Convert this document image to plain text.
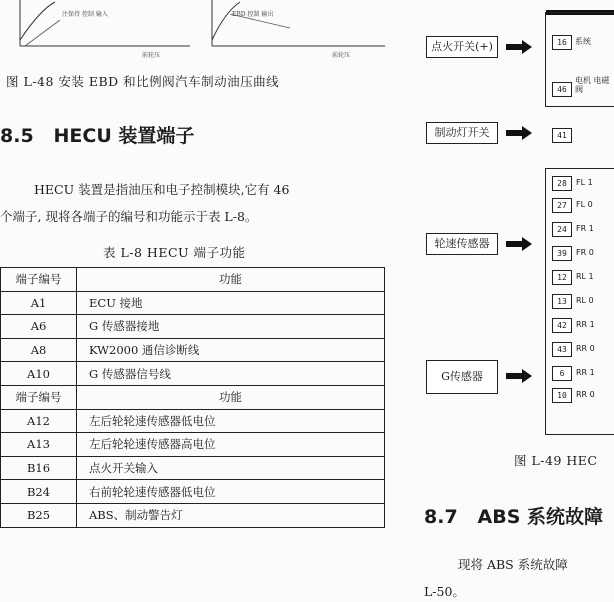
注保持 控制 输入	EBD 控制 输出
前轮压	前轮压
图 L-48 安装 EBD 和比例阀汽车制动油压曲线
8.5 HECU 装置端子
HECU 装置是指油压和电子控制模块,它有 46
个端子, 现将各端子的编号和功能示于表 L-8。
表 L-8 HECU 端子功能
端子编号	功能
A1	ECU 接地
A6	G 传感器接地
A8	KW2000 通信诊断线
A10	G 传感器信号线
端子编号	功能
A12	左后轮轮速传感器低电位
A13	左后轮轮速传感器高电位
B16	点火开关输入
B24	右前轮轮速传感器低电位
B25	ABS、制动警告灯
点火开关(+)
制动灯开关
轮速传感器
G传感器
16	系统
46
电机 电磁阀
41
28	FL 1
27	FL 0
24	FR 1
39	FR 0
12	RL 1
13	RL 0
42	RR 1
43	RR 0
6	RR 1
10	RR 0
图 L-49 HEC
8.7 ABS 系统故障
现将 ABS 系统故障
L-50。
